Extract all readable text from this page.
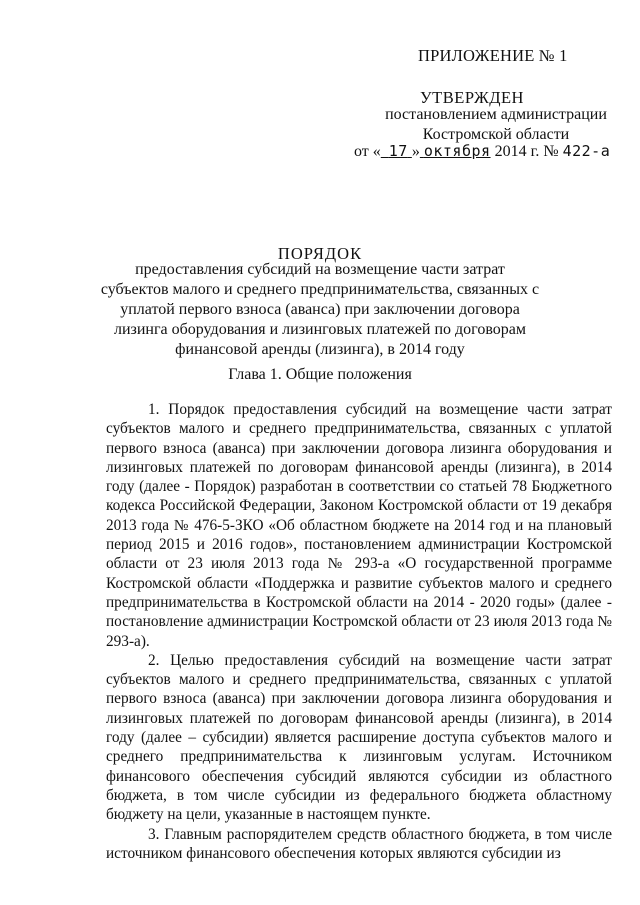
ПРИЛОЖЕНИЕ № 1
УТВЕРЖДЕН
постановлением администрации
Костромской области
от « 17 » октября 2014 г. № 422-а
ПОРЯДОК
предоставления субсидий на возмещение части затрат субъектов малого и среднего предпринимательства, связанных с уплатой первого взноса (аванса) при заключении договора лизинга оборудования и лизинговых платежей по договорам финансовой аренды (лизинга), в 2014 году
Глава 1. Общие положения

1. Порядок предоставления субсидий на возмещение части затрат субъектов малого и среднего предпринимательства, связанных с уплатой первого взноса (аванса) при заключении договора лизинга оборудования и лизинговых платежей по договорам финансовой аренды (лизинга), в 2014 году (далее - Порядок) разработан в соответствии со статьей 78 Бюджетного кодекса Российской Федерации, Законом Костромской области от 19 декабря 2013 года № 476-5-ЗКО «Об областном бюджете на 2014 год и на плановый период 2015 и 2016 годов», постановлением администрации Костромской области от 23 июля 2013 года № 293-а «О государственной программе Костромской области «Поддержка и развитие субъектов малого и среднего предпринимательства в Костромской области на 2014 - 2020 годы» (далее - постановление администрации Костромской области от 23 июля 2013 года № 293-а).

2. Целью предоставления субсидий на возмещение части затрат субъектов малого и среднего предпринимательства, связанных с уплатой первого взноса (аванса) при заключении договора лизинга оборудования и лизинговых платежей по договорам финансовой аренды (лизинга), в 2014 году (далее – субсидии) является расширение доступа субъектов малого и среднего предпринимательства к лизинговым услугам. Источником финансового обеспечения субсидий являются субсидии из областного бюджета, в том числе субсидии из федерального бюджета областному бюджету на цели, указанные в настоящем пункте.

3. Главным распорядителем средств областного бюджета, в том числе источником финансового обеспечения которых являются субсидии из
